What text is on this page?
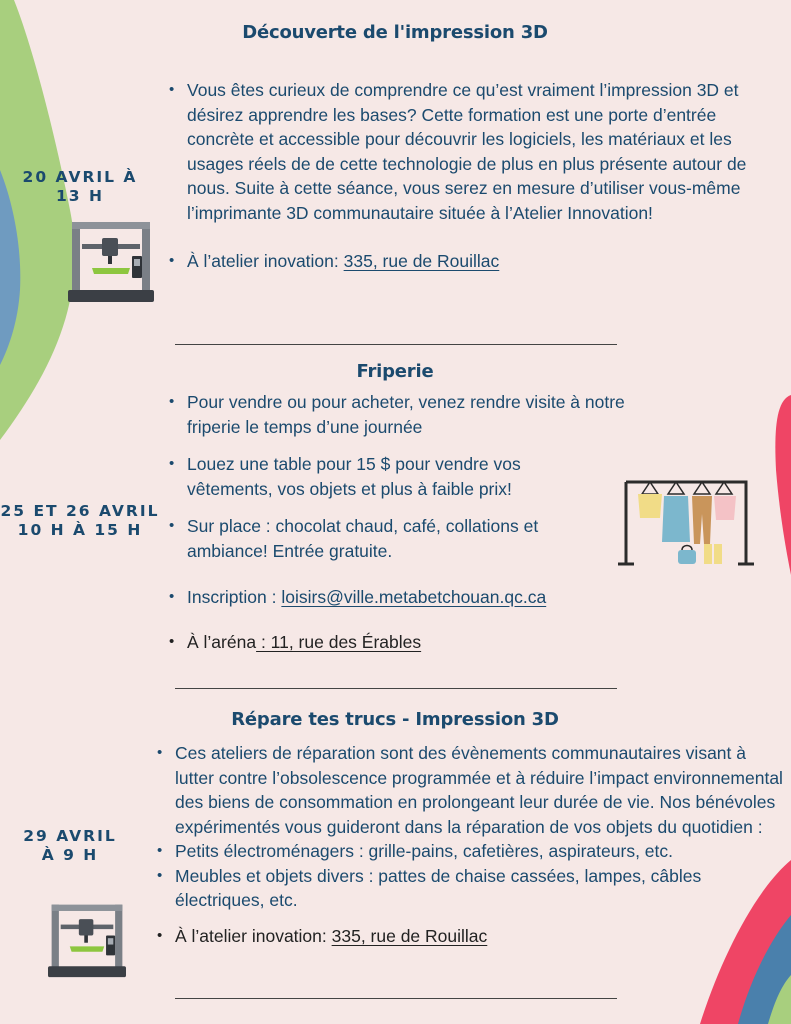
Découverte de l'impression 3D
20 AVRIL À 13 H
• Vous êtes curieux de comprendre ce qu’est vraiment l’impression 3D et désirez apprendre les bases? Cette formation est une porte d’entrée concrète et accessible pour découvrir les logiciels, les matériaux et les usages réels de de cette technologie de plus en plus présente autour de nous. Suite à cette séance, vous serez en mesure d’utiliser vous-même l’imprimante 3D communautaire située à l’Atelier Innovation!
• À l’atelier inovation: 335, rue de Rouillac
Friperie
25 ET 26 AVRIL 10 H À 15 H
• Pour vendre ou pour acheter, venez rendre visite à notre friperie le temps d’une journée
• Louez une table pour 15 $ pour vendre vos vêtements, vos objets et plus à faible prix!
• Sur place : chocolat chaud, café, collations et ambiance! Entrée gratuite.
• Inscription : loisirs@ville.metabetchouan.qc.ca
• À l’aréna : 11, rue des Érables
Répare tes trucs - Impression 3D
29 AVRIL À 9 H
• Ces ateliers de réparation sont des évènements communautaires visant à lutter contre l’obsolescence programmée et à réduire l’impact environnemental des biens de consommation en prolongeant leur durée de vie. Nos bénévoles expérimentés vous guideront dans la réparation de vos objets du quotidien :
• Petits électroménagers : grille-pains, cafetières, aspirateurs, etc.
• Meubles et objets divers : pattes de chaise cassées, lampes, câbles électriques, etc.
• À l’atelier inovation: 335, rue de Rouillac
